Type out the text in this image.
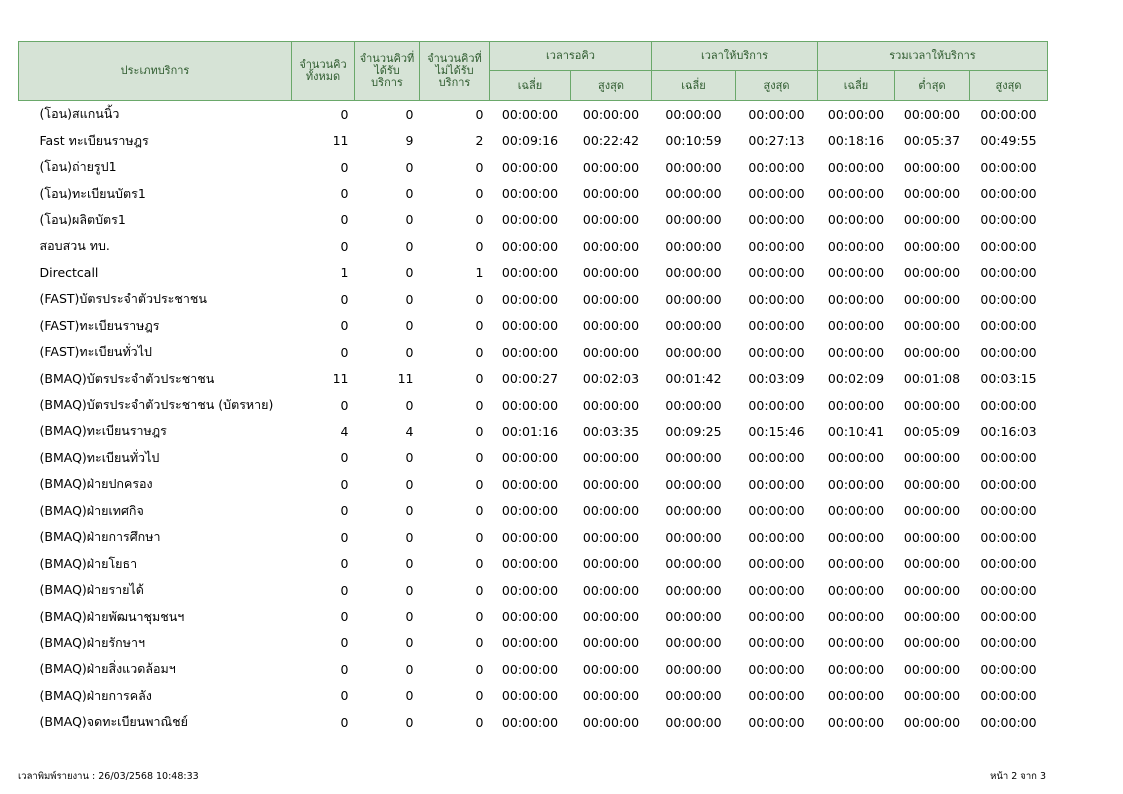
ประเภทบริการ	จำนวนคิว ทั้งหมด	จำนวนคิวที่ ได้รับ บริการ	จำนวนคิวที่ ไม่ได้รับ บริการ	เวลารอคิว		เวลาให้บริการ		รวมเวลาให้บริการ		
				เฉลี่ย	สูงสุด	เฉลี่ย	สูงสุด	เฉลี่ย	ต่ำสุด	สูงสุด
(โอน)สแกนนิ้ว	0	0	0	00:00:00	00:00:00	00:00:00	00:00:00	00:00:00	00:00:00	00:00:00
Fast ทะเบียนราษฎร	11	9	2	00:09:16	00:22:42	00:10:59	00:27:13	00:18:16	00:05:37	00:49:55
(โอน)ถ่ายรูป1	0	0	0	00:00:00	00:00:00	00:00:00	00:00:00	00:00:00	00:00:00	00:00:00
(โอน)ทะเบียนบัตร1	0	0	0	00:00:00	00:00:00	00:00:00	00:00:00	00:00:00	00:00:00	00:00:00
(โอน)ผลิตบัตร1	0	0	0	00:00:00	00:00:00	00:00:00	00:00:00	00:00:00	00:00:00	00:00:00
สอบสวน ทบ.	0	0	0	00:00:00	00:00:00	00:00:00	00:00:00	00:00:00	00:00:00	00:00:00
Directcall	1	0	1	00:00:00	00:00:00	00:00:00	00:00:00	00:00:00	00:00:00	00:00:00
(FAST)บัตรประจำตัวประชาชน	0	0	0	00:00:00	00:00:00	00:00:00	00:00:00	00:00:00	00:00:00	00:00:00
(FAST)ทะเบียนราษฎร	0	0	0	00:00:00	00:00:00	00:00:00	00:00:00	00:00:00	00:00:00	00:00:00
(FAST)ทะเบียนทั่วไป	0	0	0	00:00:00	00:00:00	00:00:00	00:00:00	00:00:00	00:00:00	00:00:00
(BMAQ)บัตรประจำตัวประชาชน	11	11	0	00:00:27	00:02:03	00:01:42	00:03:09	00:02:09	00:01:08	00:03:15
(BMAQ)บัตรประจำตัวประชาชน (บัตรหาย)	0	0	0	00:00:00	00:00:00	00:00:00	00:00:00	00:00:00	00:00:00	00:00:00
(BMAQ)ทะเบียนราษฎร	4	4	0	00:01:16	00:03:35	00:09:25	00:15:46	00:10:41	00:05:09	00:16:03
(BMAQ)ทะเบียนทั่วไป	0	0	0	00:00:00	00:00:00	00:00:00	00:00:00	00:00:00	00:00:00	00:00:00
(BMAQ)ฝ่ายปกครอง	0	0	0	00:00:00	00:00:00	00:00:00	00:00:00	00:00:00	00:00:00	00:00:00
(BMAQ)ฝ่ายเทศกิจ	0	0	0	00:00:00	00:00:00	00:00:00	00:00:00	00:00:00	00:00:00	00:00:00
(BMAQ)ฝ่ายการศึกษา	0	0	0	00:00:00	00:00:00	00:00:00	00:00:00	00:00:00	00:00:00	00:00:00
(BMAQ)ฝ่ายโยธา	0	0	0	00:00:00	00:00:00	00:00:00	00:00:00	00:00:00	00:00:00	00:00:00
(BMAQ)ฝ่ายรายได้	0	0	0	00:00:00	00:00:00	00:00:00	00:00:00	00:00:00	00:00:00	00:00:00
(BMAQ)ฝ่ายพัฒนาชุมชนฯ	0	0	0	00:00:00	00:00:00	00:00:00	00:00:00	00:00:00	00:00:00	00:00:00
(BMAQ)ฝ่ายรักษาฯ	0	0	0	00:00:00	00:00:00	00:00:00	00:00:00	00:00:00	00:00:00	00:00:00
(BMAQ)ฝ่ายสิ่งแวดล้อมฯ	0	0	0	00:00:00	00:00:00	00:00:00	00:00:00	00:00:00	00:00:00	00:00:00
(BMAQ)ฝ่ายการคลัง	0	0	0	00:00:00	00:00:00	00:00:00	00:00:00	00:00:00	00:00:00	00:00:00
(BMAQ)จดทะเบียนพาณิชย์	0	0	0	00:00:00	00:00:00	00:00:00	00:00:00	00:00:00	00:00:00	00:00:00
เวลาพิมพ์รายงาน : 26/03/2568 10:48:33	หน้า 2 จาก 3
